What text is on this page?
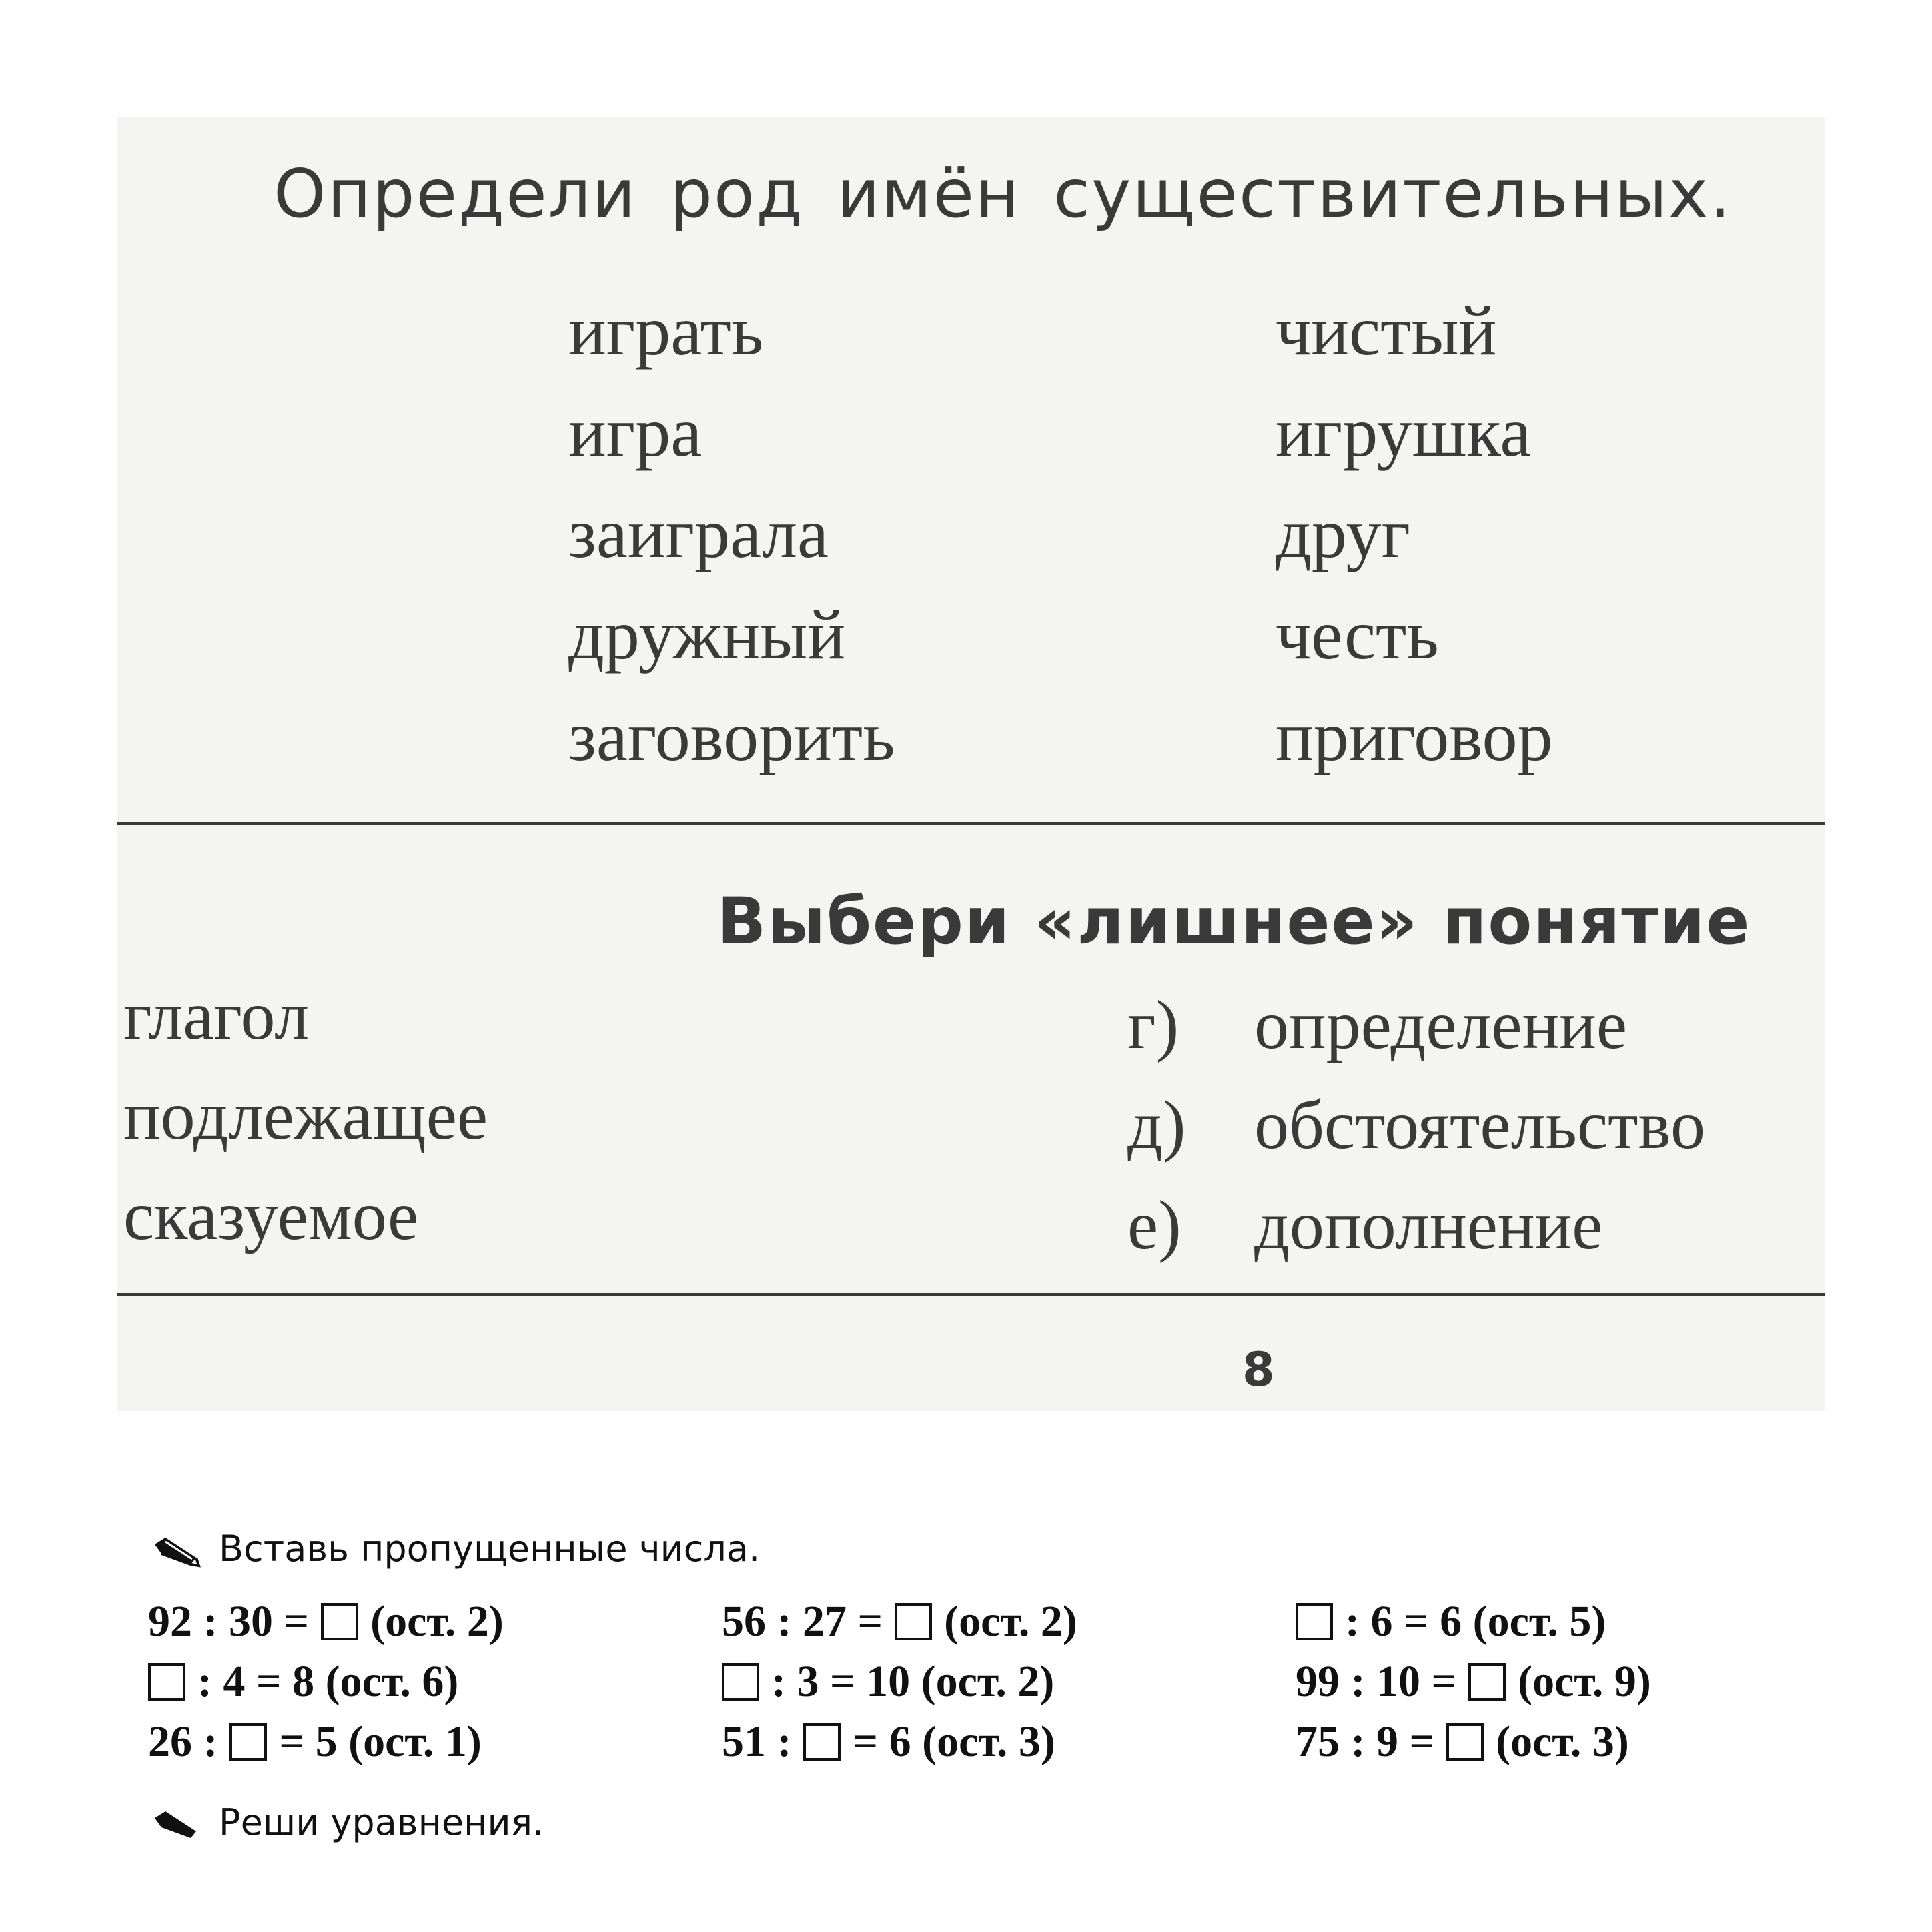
Определи род имён существительных.
играть
игра
заиграла
дружный
заговорить
чистый
игрушка
друг
честь
приговор
Выбери «лишнее» понятие
глагол
подлежащее
сказуемое
г)
д)
е)
определение
обстоятельство
дополнение
8
Вставь пропущенные числа.
92 : 30 = (ост. 2)
: 4 = 8 (ост. 6)
26 : = 5 (ост. 1)
56 : 27 = (ост. 2)
: 3 = 10 (ост. 2)
51 : = 6 (ост. 3)
: 6 = 6 (ост. 5)
99 : 10 = (ост. 9)
75 : 9 = (ост. 3)
Реши уравнения.
